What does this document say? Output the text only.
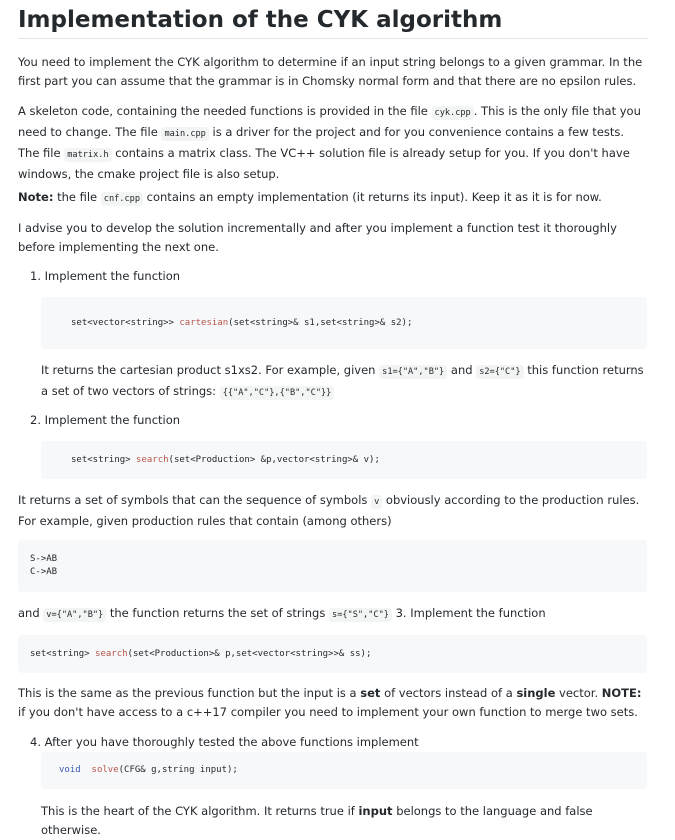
Implementation of the CYK algorithm

You need to implement the CYK algorithm to determine if an input string belongs to a given grammar. In the first part you can assume that the grammar is in Chomsky normal form and that there are no epsilon rules.

A skeleton code, containing the needed functions is provided in the file cyk.cpp . This is the only file that you need to change. The file main.cpp is a driver for the project and for you convenience contains a few tests. The file matrix.h contains a matrix class. The VC++ solution file is already setup for you. If you don't have windows, the cmake project file is also setup.

Note: the file cnf.cpp contains an empty implementation (it returns its input). Keep it as it is for now.

I advise you to develop the solution incrementally and after you implement a function test it thoroughly before implementing the next one.

1. Implement the function

set<vector<string>> cartesian(set<string>& s1,set<string>& s2);

It returns the cartesian product s1xs2. For example, given s1={"A","B"} and s2={"C"} this function returns a set of two vectors of strings: {{"A","C"},{"B","C"}}

2. Implement the function

set<string> search(set<Production> &p,vector<string>& v);

It returns a set of symbols that can the sequence of symbols v obviously according to the production rules. For example, given production rules that contain (among others)

S->AB
C->AB

and v={"A","B"} the function returns the set of strings s={"S","C"} 3. Implement the function

set<string> search(set<Production>& p,set<vector<string>>& ss);

This is the same as the previous function but the input is a set of vectors instead of a single vector. NOTE: if you don't have access to a c++17 compiler you need to implement your own function to merge two sets.

4. After you have thoroughly tested the above functions implement

void solve(CFG& g,string input);

This is the heart of the CYK algorithm. It returns true if input belongs to the language and false otherwise.
